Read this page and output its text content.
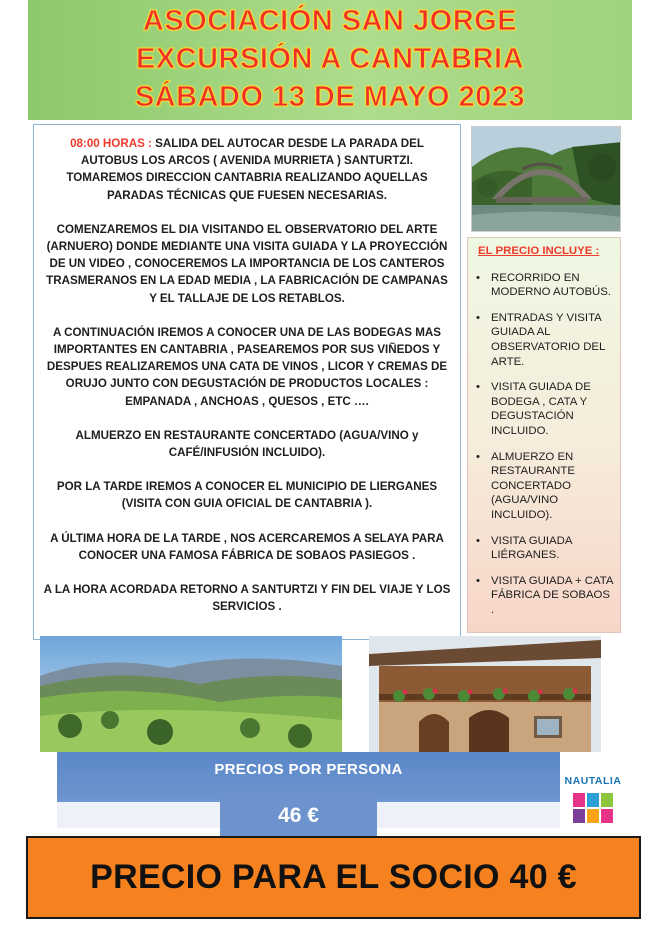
ASOCIACIÓN SAN JORGE
EXCURSIÓN A CANTABRIA
SÁBADO 13 DE MAYO 2023

08:00 HORAS : SALIDA DEL AUTOCAR DESDE LA PARADA DEL AUTOBUS LOS ARCOS ( AVENIDA MURRIETA ) SANTURTZI. TOMAREMOS DIRECCION CANTABRIA REALIZANDO AQUELLAS PARADAS TÉCNICAS QUE FUESEN NECESARIAS.

COMENZAREMOS EL DIA VISITANDO EL OBSERVATORIO DEL ARTE (ARNUERO) DONDE MEDIANTE UNA VISITA GUIADA Y LA PROYECCIÓN DE UN VIDEO , CONOCEREMOS LA IMPORTANCIA DE LOS CANTEROS TRASMERANOS EN LA EDAD MEDIA , LA FABRICACIÓN DE CAMPANAS Y EL TALLAJE DE LOS RETABLOS.

A CONTINUACIÓN IREMOS A CONOCER UNA DE LAS BODEGAS MAS IMPORTANTES EN CANTABRIA , PASEAREMOS POR SUS VIÑEDOS Y DESPUES REALIZAREMOS UNA CATA DE VINOS , LICOR Y CREMAS DE ORUJO JUNTO CON DEGUSTACIÓN DE PRODUCTOS LOCALES : EMPANADA , ANCHOAS , QUESOS , ETC ….

ALMUERZO EN RESTAURANTE CONCERTADO (AGUA/VINO y CAFÉ/INFUSIÓN INCLUIDO).

POR LA TARDE IREMOS A CONOCER EL MUNICIPIO DE LIERGANES (VISITA CON GUIA OFICIAL DE CANTABRIA ).

A ÚLTIMA HORA DE LA TARDE , NOS ACERCAREMOS A SELAYA PARA CONOCER UNA FAMOSA FÁBRICA DE SOBAOS PASIEGOS .

A LA HORA ACORDADA RETORNO A SANTURTZI Y FIN DEL VIAJE Y LOS SERVICIOS .

EL PRECIO INCLUYE :
• RECORRIDO EN MODERNO AUTOBÚS.
• ENTRADAS Y VISITA GUIADA AL OBSERVATORIO DEL ARTE.
• VISITA GUIADA DE BODEGA , CATA Y DEGUSTACIÓN INCLUIDO.
• ALMUERZO EN RESTAURANTE CONCERTADO (AGUA/VINO INCLUIDO).
• VISITA GUIADA LIÉRGANES.
• VISITA GUIADA + CATA FÁBRICA DE SOBAOS .
PRECIOS POR PERSONA
46 €
NAUTALIA
PRECIO PARA EL SOCIO 40 €
